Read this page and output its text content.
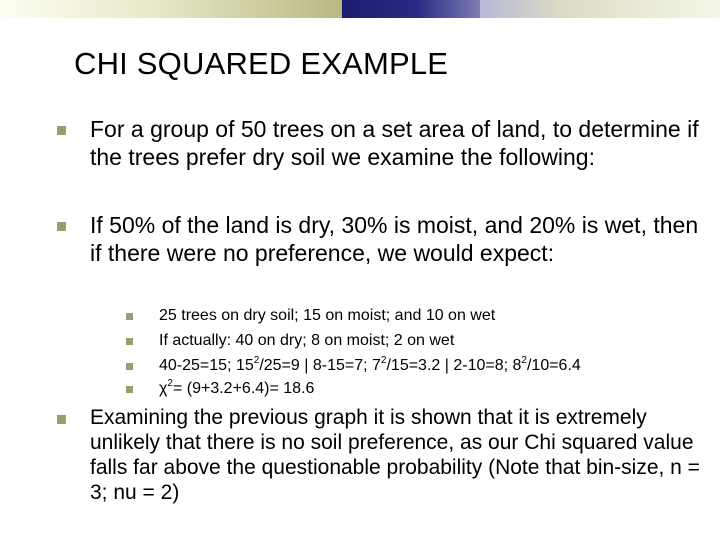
CHI SQUARED EXAMPLE
For a group of 50 trees on a set area of land, to determine if the trees prefer dry soil we examine the following:
If 50% of the land is dry, 30% is moist, and 20% is wet, then if there were no preference, we would expect:
25 trees on dry soil; 15 on moist; and 10 on wet
If actually: 40 on dry; 8 on moist; 2 on wet
40-25=15; $15^2/25=9$ | 8-15=7; $7^2/15=3.2$ | 2-10=8; $8^2/10=6.4$
$\chi^2= (9+3.2+6.4)= 18.6$
Examining the previous graph it is shown that it is extremely unlikely that there is no soil preference, as our Chi squared value falls far above the questionable probability (Note that bin-size, n = 3; nu = 2)
